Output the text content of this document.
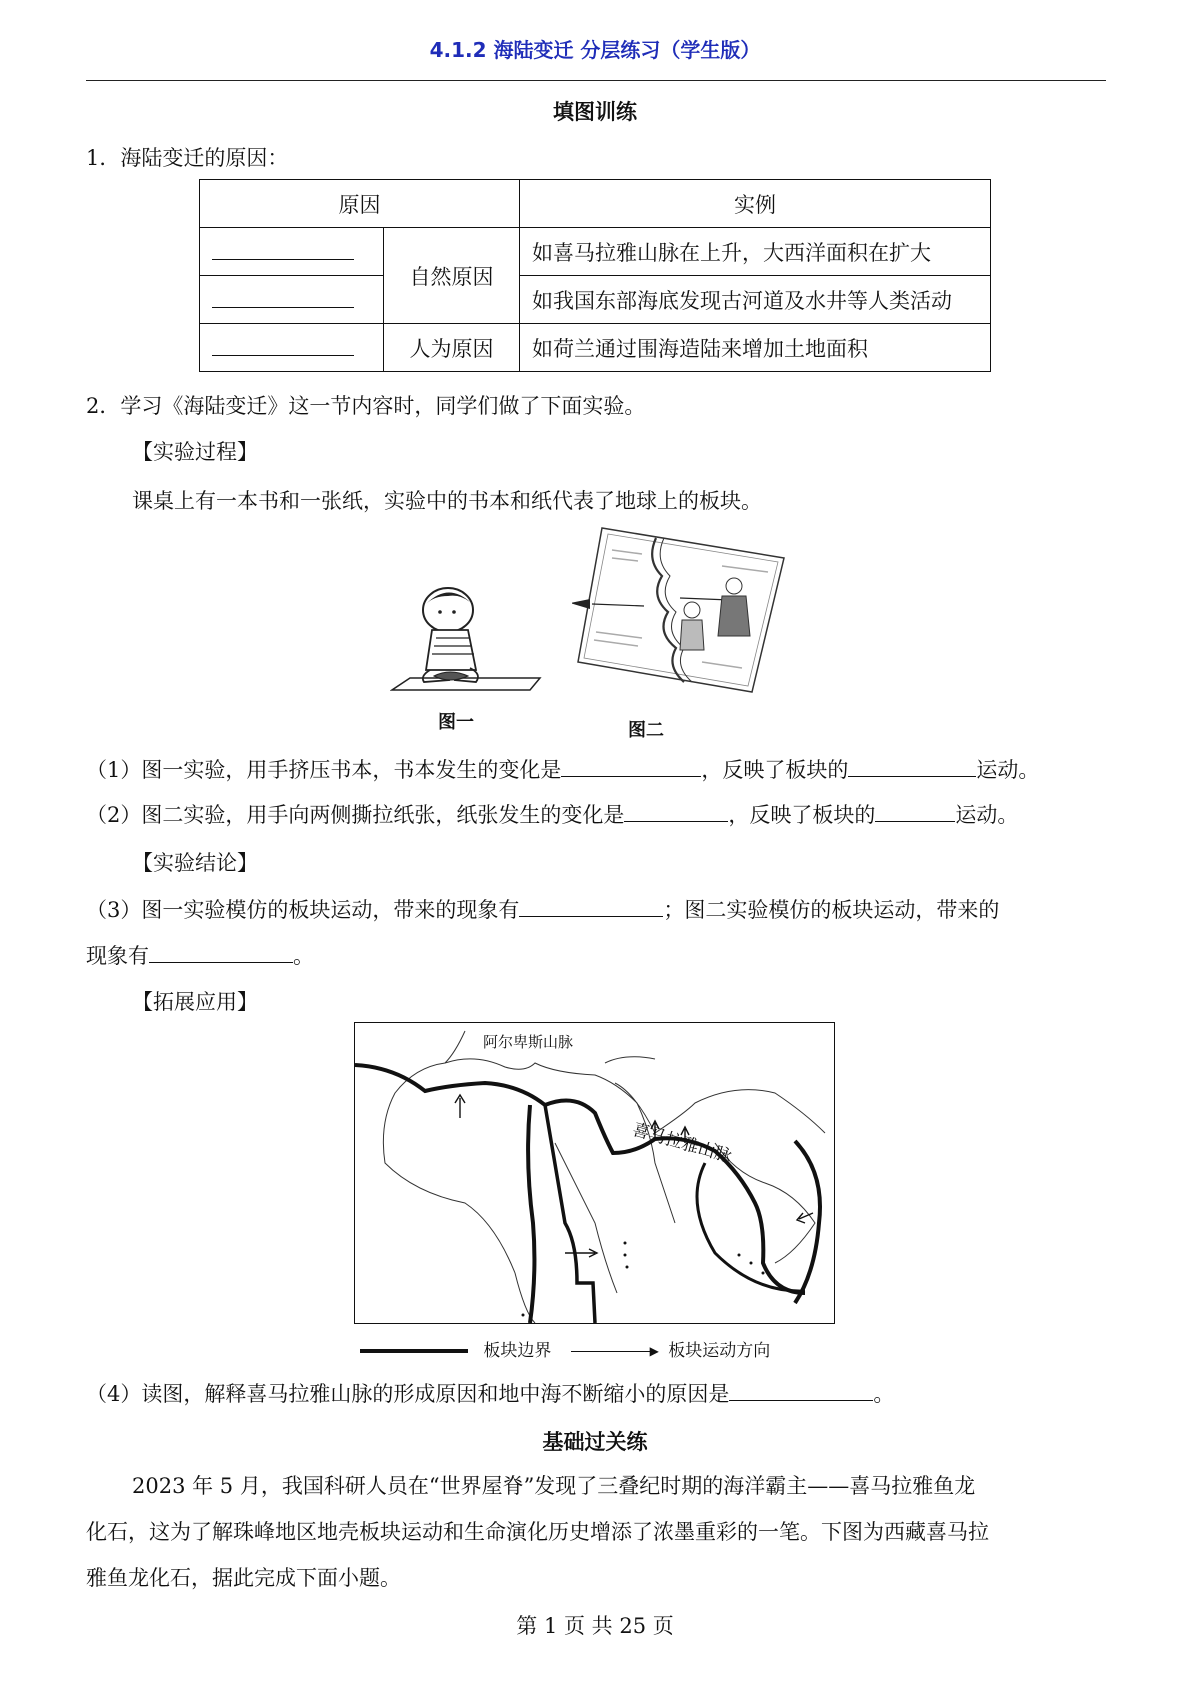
4.1.2 海陆变迁 分层练习（学生版）
填图训练
1．海陆变迁的原因：
原因		实例
	自然原因	如喜马拉雅山脉在上升，大西洋面积在扩大
		如我国东部海底发现古河道及水井等人类活动
	人为原因	如荷兰通过围海造陆来增加土地面积
2．学习《海陆变迁》这一节内容时，同学们做了下面实验。
【实验过程】
课桌上有一本书和一张纸，实验中的书本和纸代表了地球上的板块。
图一	图二
（1）图一实验，用手挤压书本，书本发生的变化是	，反映了板块的	运动。
（2）图二实验，用手向两侧撕拉纸张，纸张发生的变化是	，反映了板块的	运动。
【实验结论】
（3）图一实验模仿的板块运动，带来的现象有	；图二实验模仿的板块运动，带来的
现象有	。
【拓展应用】
阿尔卑斯山脉
喜马拉雅山脉
板块边界	▶ 板块运动方向
（4）读图，解释喜马拉雅山脉的形成原因和地中海不断缩小的原因是	。
基础过关练
2023 年 5 月，我国科研人员在“世界屋脊”发现了三叠纪时期的海洋霸主——喜马拉雅鱼龙
化石，这为了解珠峰地区地壳板块运动和生命演化历史增添了浓墨重彩的一笔。下图为西藏喜马拉
雅鱼龙化石，据此完成下面小题。
第 1 页 共 25 页
